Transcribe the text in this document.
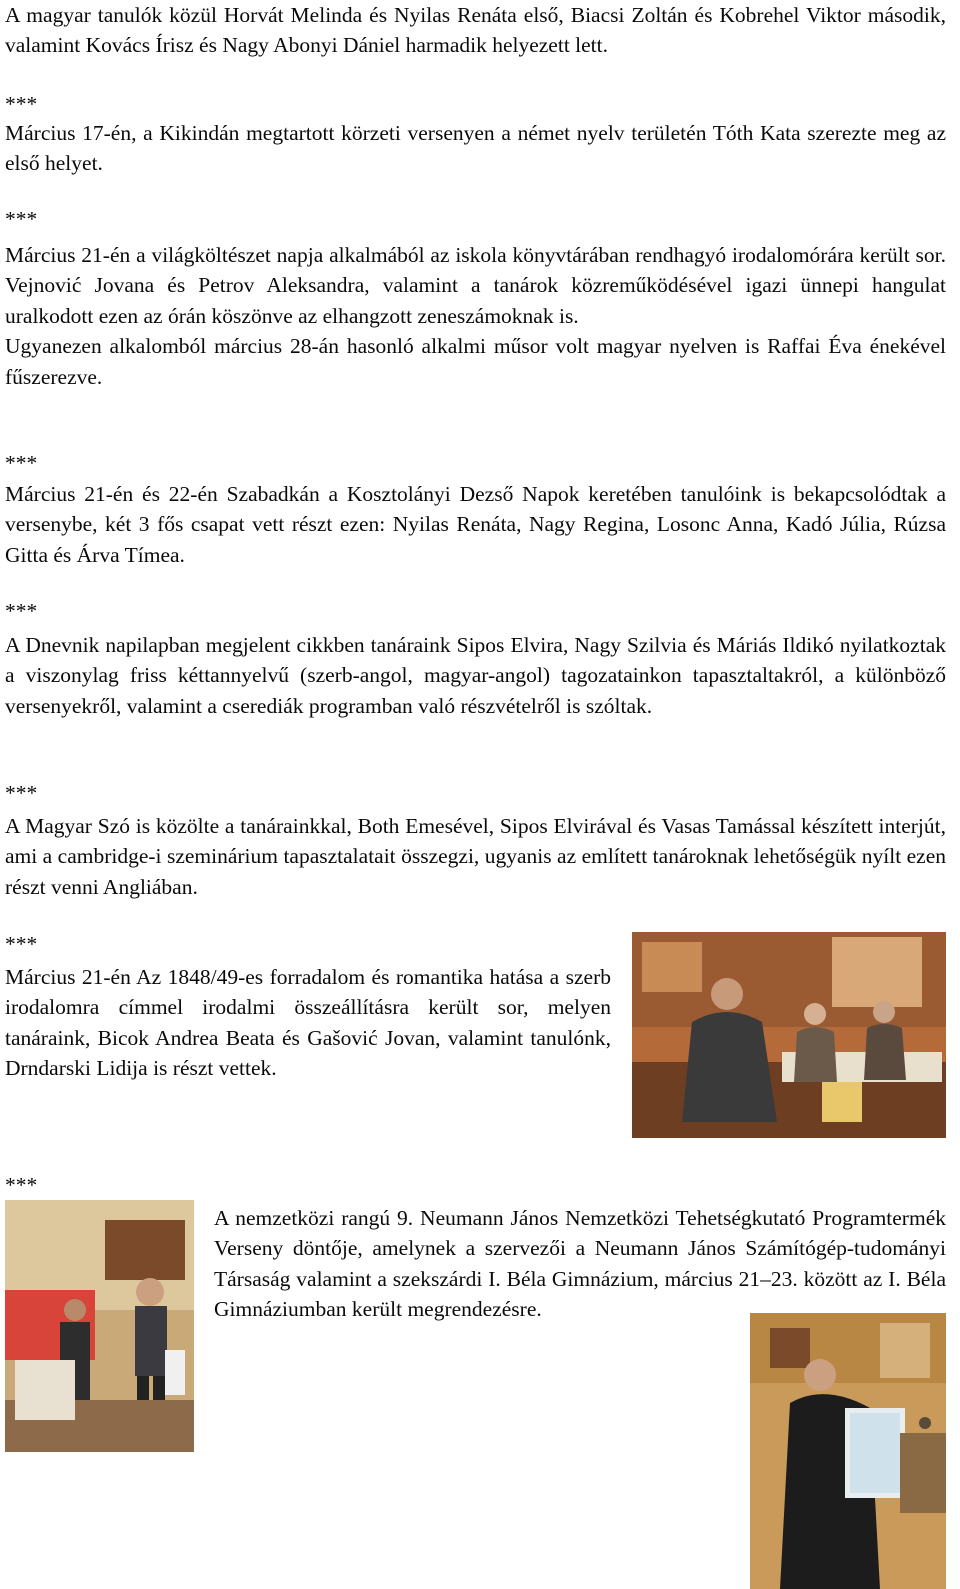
A magyar tanulók közül Horvát Melinda és Nyilas Renáta első, Biacsi Zoltán és Kobrehel Viktor második, valamint Kovács Írisz és Nagy Abonyi Dániel harmadik helyezett lett.

***

Március 17-én, a Kikindán megtartott körzeti versenyen a német nyelv területén Tóth Kata szerezte meg az első helyet.

***

Március 21-én a világköltészet napja alkalmából az iskola könyvtárában rendhagyó irodalomórára került sor. Vejnović Jovana és Petrov Aleksandra, valamint a tanárok közreműködésével igazi ünnepi hangulat uralkodott ezen az órán köszönve az elhangzott zeneszámoknak is.

Ugyanezen alkalomból március 28-án hasonló alkalmi műsor volt magyar nyelven is Raffai Éva énekével fűszerezve.

***

Március 21-én és 22-én Szabadkán a Kosztolányi Dezső Napok keretében tanulóink is bekapcsolódtak a versenybe, két 3 fős csapat vett részt ezen: Nyilas Renáta, Nagy Regina, Losonc Anna, Kadó Júlia, Rúzsa Gitta és Árva Tímea.

***

A Dnevnik napilapban megjelent cikkben tanáraink Sipos Elvira, Nagy Szilvia és Máriás Ildikó nyilatkoztak a viszonylag friss kéttannyelvű (szerb-angol, magyar-angol) tagozatainkon tapasztaltakról, a különböző versenyekről, valamint a cserediák programban való részvételről is szóltak.

***

A Magyar Szó is közölte a tanárainkkal, Both Emesével, Sipos Elvirával és Vasas Tamással készített interjút, ami a cambridge-i szeminárium tapasztalatait összegzi, ugyanis az említett tanároknak lehetőségük nyílt ezen részt venni Angliában.

***

Március 21-én Az 1848/49-es forradalom és romantika hatása a szerb irodalomra címmel irodalmi összeállításra került sor, melyen tanáraink, Bicok Andrea Beata és Gašović Jovan, valamint tanulónk, Drndarski Lidija is részt vettek.

***

A nemzetközi rangú 9. Neumann János Nemzetközi Tehetségkutató Programtermék Verseny döntője, amelynek a szervezői a Neumann János Számítógép-tudományi Társaság valamint a szekszárdi I. Béla Gimnázium, március 21–23. között az I. Béla Gimnáziumban került megrendezésre.
